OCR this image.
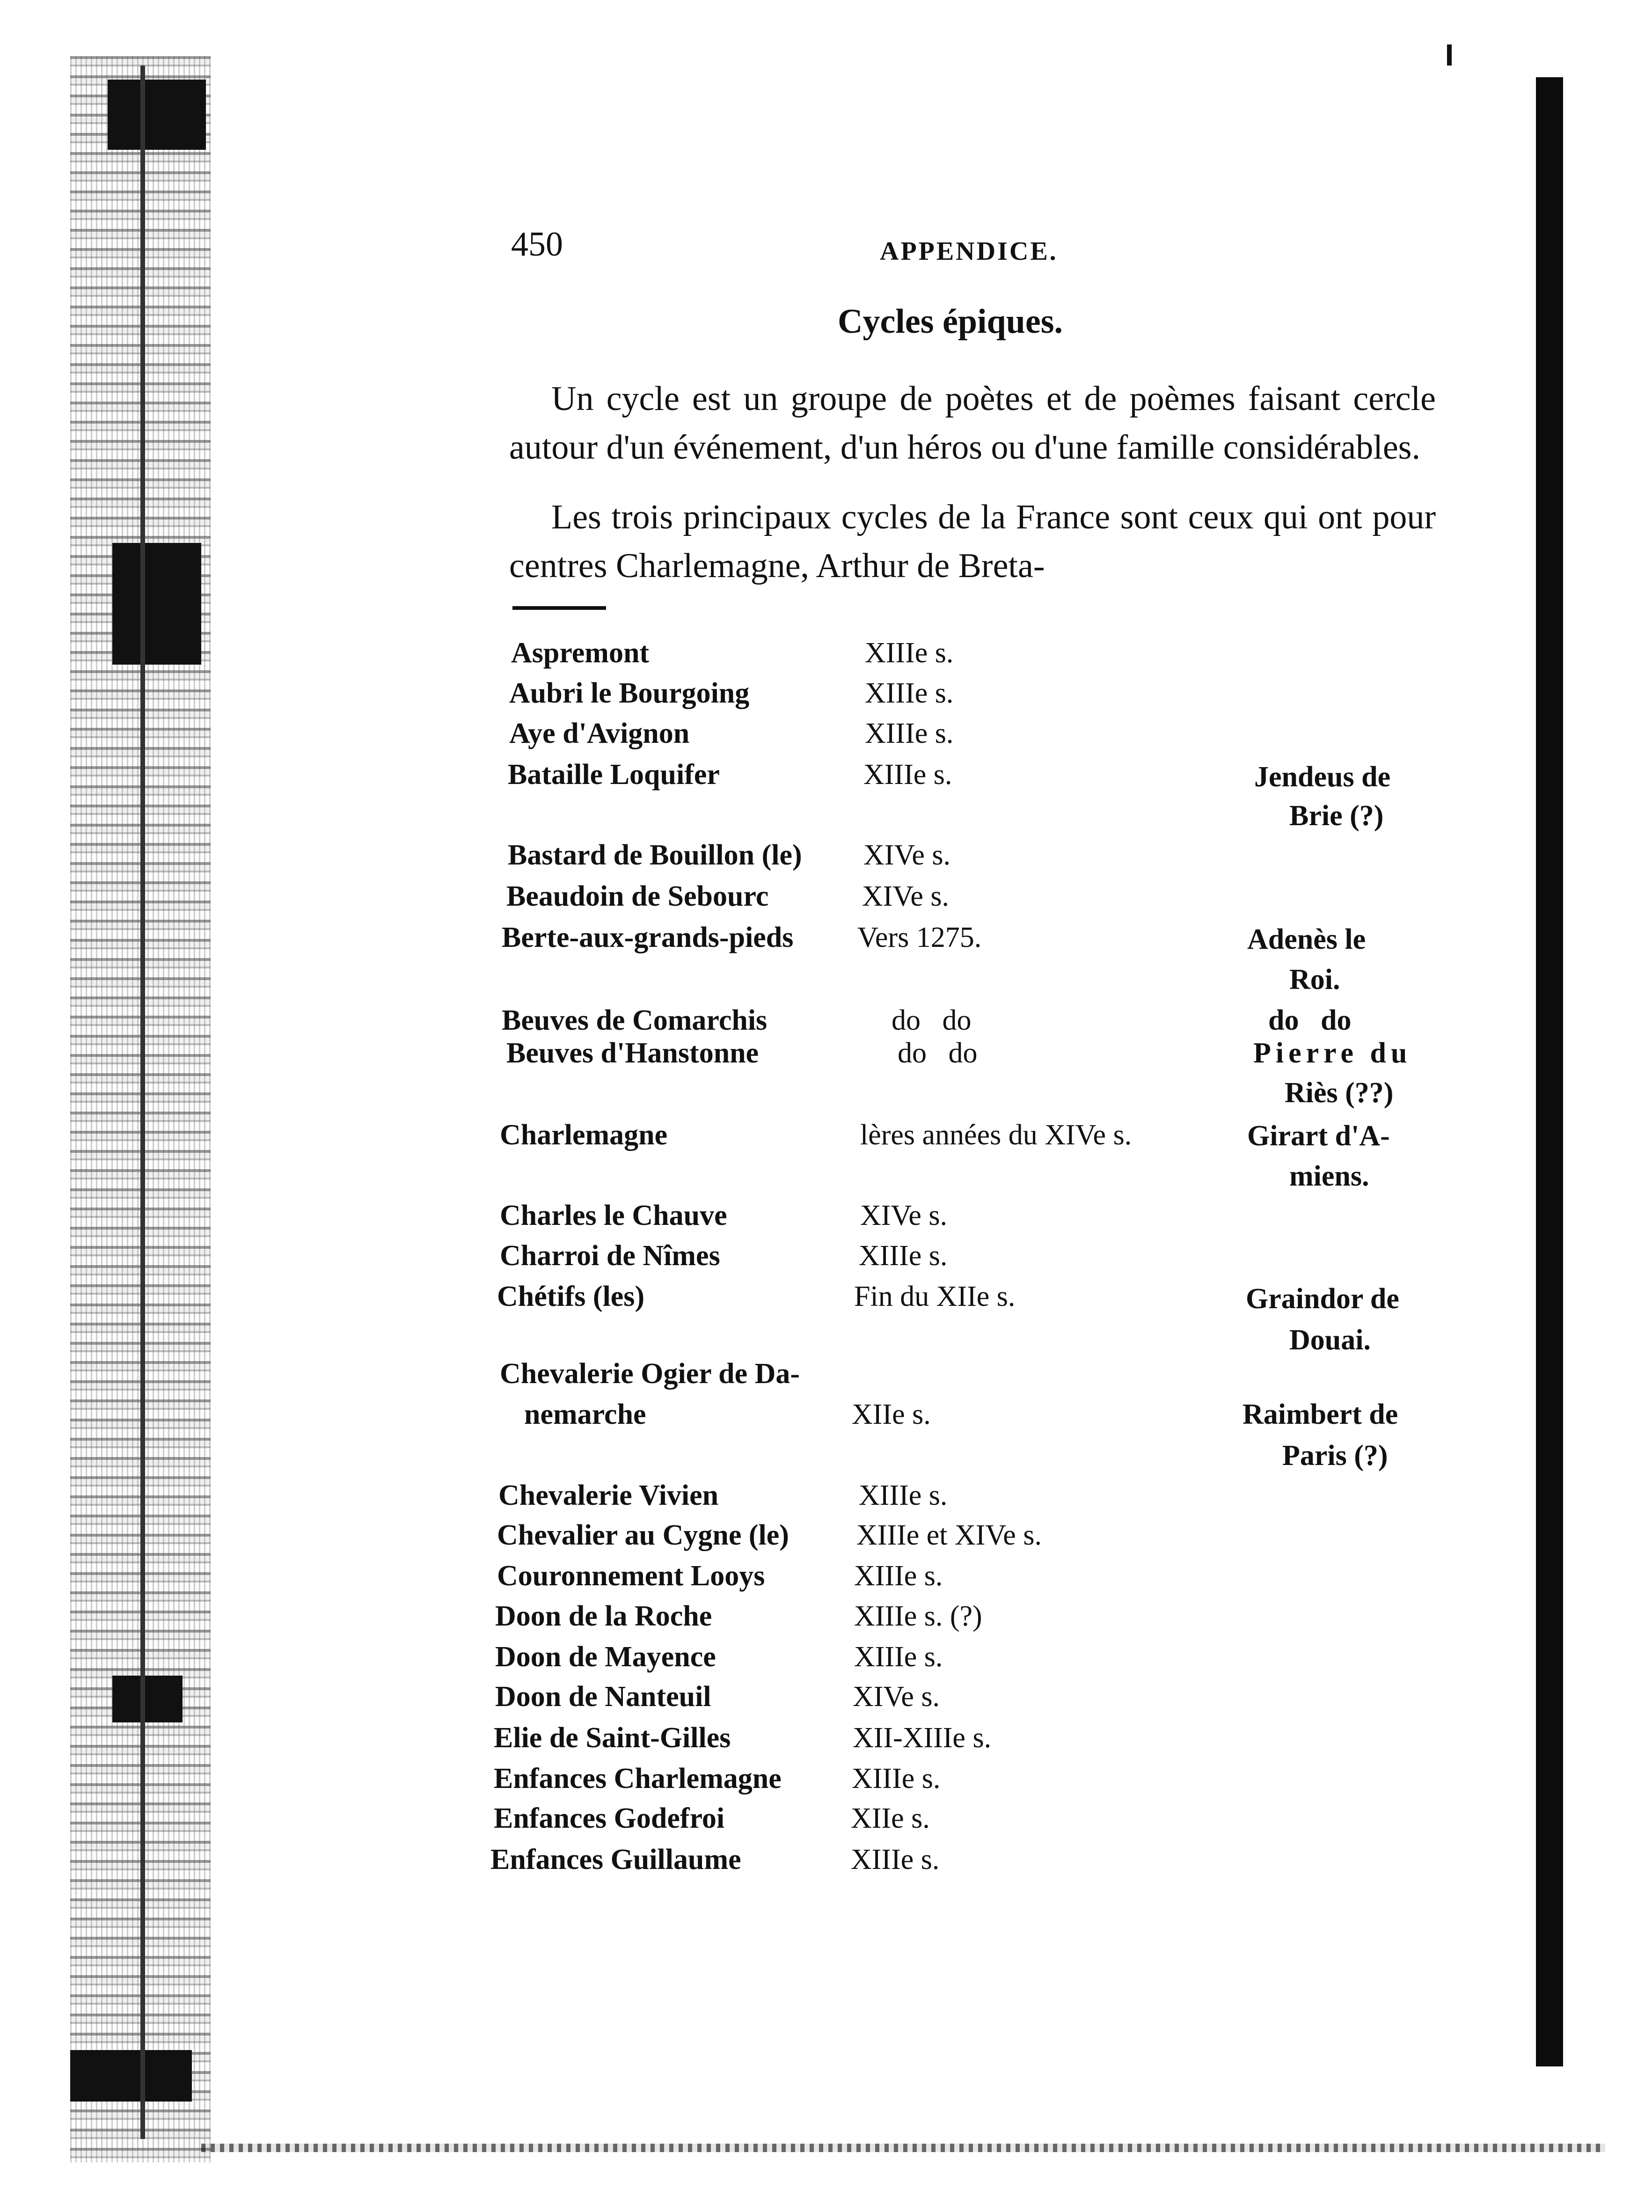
450	APPENDICE.
Cycles épiques.

Un cycle est un groupe de poètes et de poèmes faisant cercle autour d'un événement, d'un héros ou d'une famille considérables.

Les trois principaux cycles de la France sont ceux qui ont pour centres Charlemagne, Arthur de Breta-

Aspremont	XIIIe s.
Aubri le Bourgoing	XIIIe s.
Aye d'Avignon	XIIIe s.
Bataille Loquifer	XIIIe s.	Jendeus de
Brie (?)
Bastard de Bouillon (le) XIVe s.
Beaudoin de Sebourc	XIVe s.
Berte-aux-grands-pieds Vers 1275.	Adenès le
Roi.
Beuves de Comarchis	do   do	do   do
Beuves d'Hanstonne	do   do	Pierre du
Riès (??)
Charlemagne	lères années du XIVe s.	Girart d'A-
miens.
Charles le Chauve	XIVe s.
Charroi de Nîmes	XIIIe s.
Chétifs (les)	Fin du XIIe s.	Graindor de
Douai.
Chevalerie Ogier de Da-
nemarche	XIIe s.	Raimbert de
Paris (?)
Chevalerie Vivien	XIIIe s.
Chevalier au Cygne (le) XIIIe et XIVe s.
Couronnement Looys	XIIIe s.
Doon de la Roche	XIIIe s. (?)
Doon de Mayence	XIIIe s.
Doon de Nanteuil	XIVe s.
Elie de Saint-Gilles	XII-XIIIe s.
Enfances Charlemagne XIIIe s.
Enfances Godefroi	XIIe s.
Enfances Guillaume	XIIIe s.
